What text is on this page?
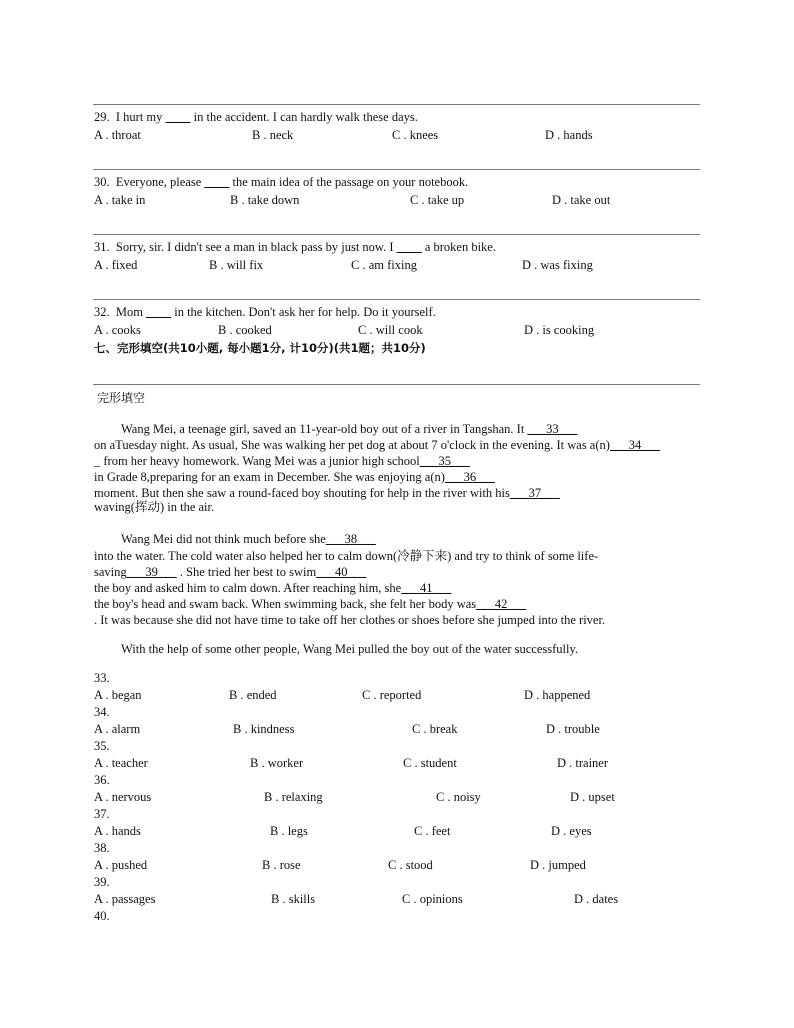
29. I hurt my ____ in the accident. I can hardly walk these days.
A . throat	B . neck	C . knees	D . hands
30. Everyone, please ____ the main idea of the passage on your notebook.
A . take in	B . take down	C . take up	D . take out
31. Sorry, sir. I didn't see a man in black pass by just now. I ____ a broken bike.
A . fixed	B . will fix	C . am fixing	D . was fixing
32. Mom ____ in the kitchen. Don't ask her for help. Do it yourself.
A . cooks	B . cooked	C . will cook	D . is cooking
七、完形填空(共10小题, 每小题1分, 计10分)(共1题；共10分)
完形填空
Wang Mei, a teenage girl, saved an 11-year-old boy out of a river in Tangshan. It ___33___
on aTuesday night. As usual, She was walking her pet dog at about 7 o'clock in the evening. It was a(n)___34___
_ from her heavy homework. Wang Mei was a junior high school___35___
in Grade 8,preparing for an exam in December. She was enjoying a(n)___36___
moment. But then she saw a round-faced boy shouting for help in the river with his___37___
waving(挥动) in the air.
Wang Mei did not think much before she___38___
into the water. The cold water also helped her to calm down(冷静下来) and try to think of some life-
saving___39___ . She tried her best to swim___40___
the boy and asked him to calm down. After reaching him, she___41___
the boy's head and swam back. When swimming back, she felt her body was___42___
. It was because she did not have time to take off her clothes or shoes before she jumped into the river.
With the help of some other people, Wang Mei pulled the boy out of the water successfully.
33.
A . began	B . ended	C . reported	D . happened
34.
A . alarm	B . kindness	C . break	D . trouble
35.
A . teacher	B . worker	C . student	D . trainer
36.
A . nervous	B . relaxing	C . noisy	D . upset
37.
A . hands	B . legs	C . feet	D . eyes
38.
A . pushed	B . rose	C . stood	D . jumped
39.
A . passages	B . skills	C . opinions	D . dates
40.
